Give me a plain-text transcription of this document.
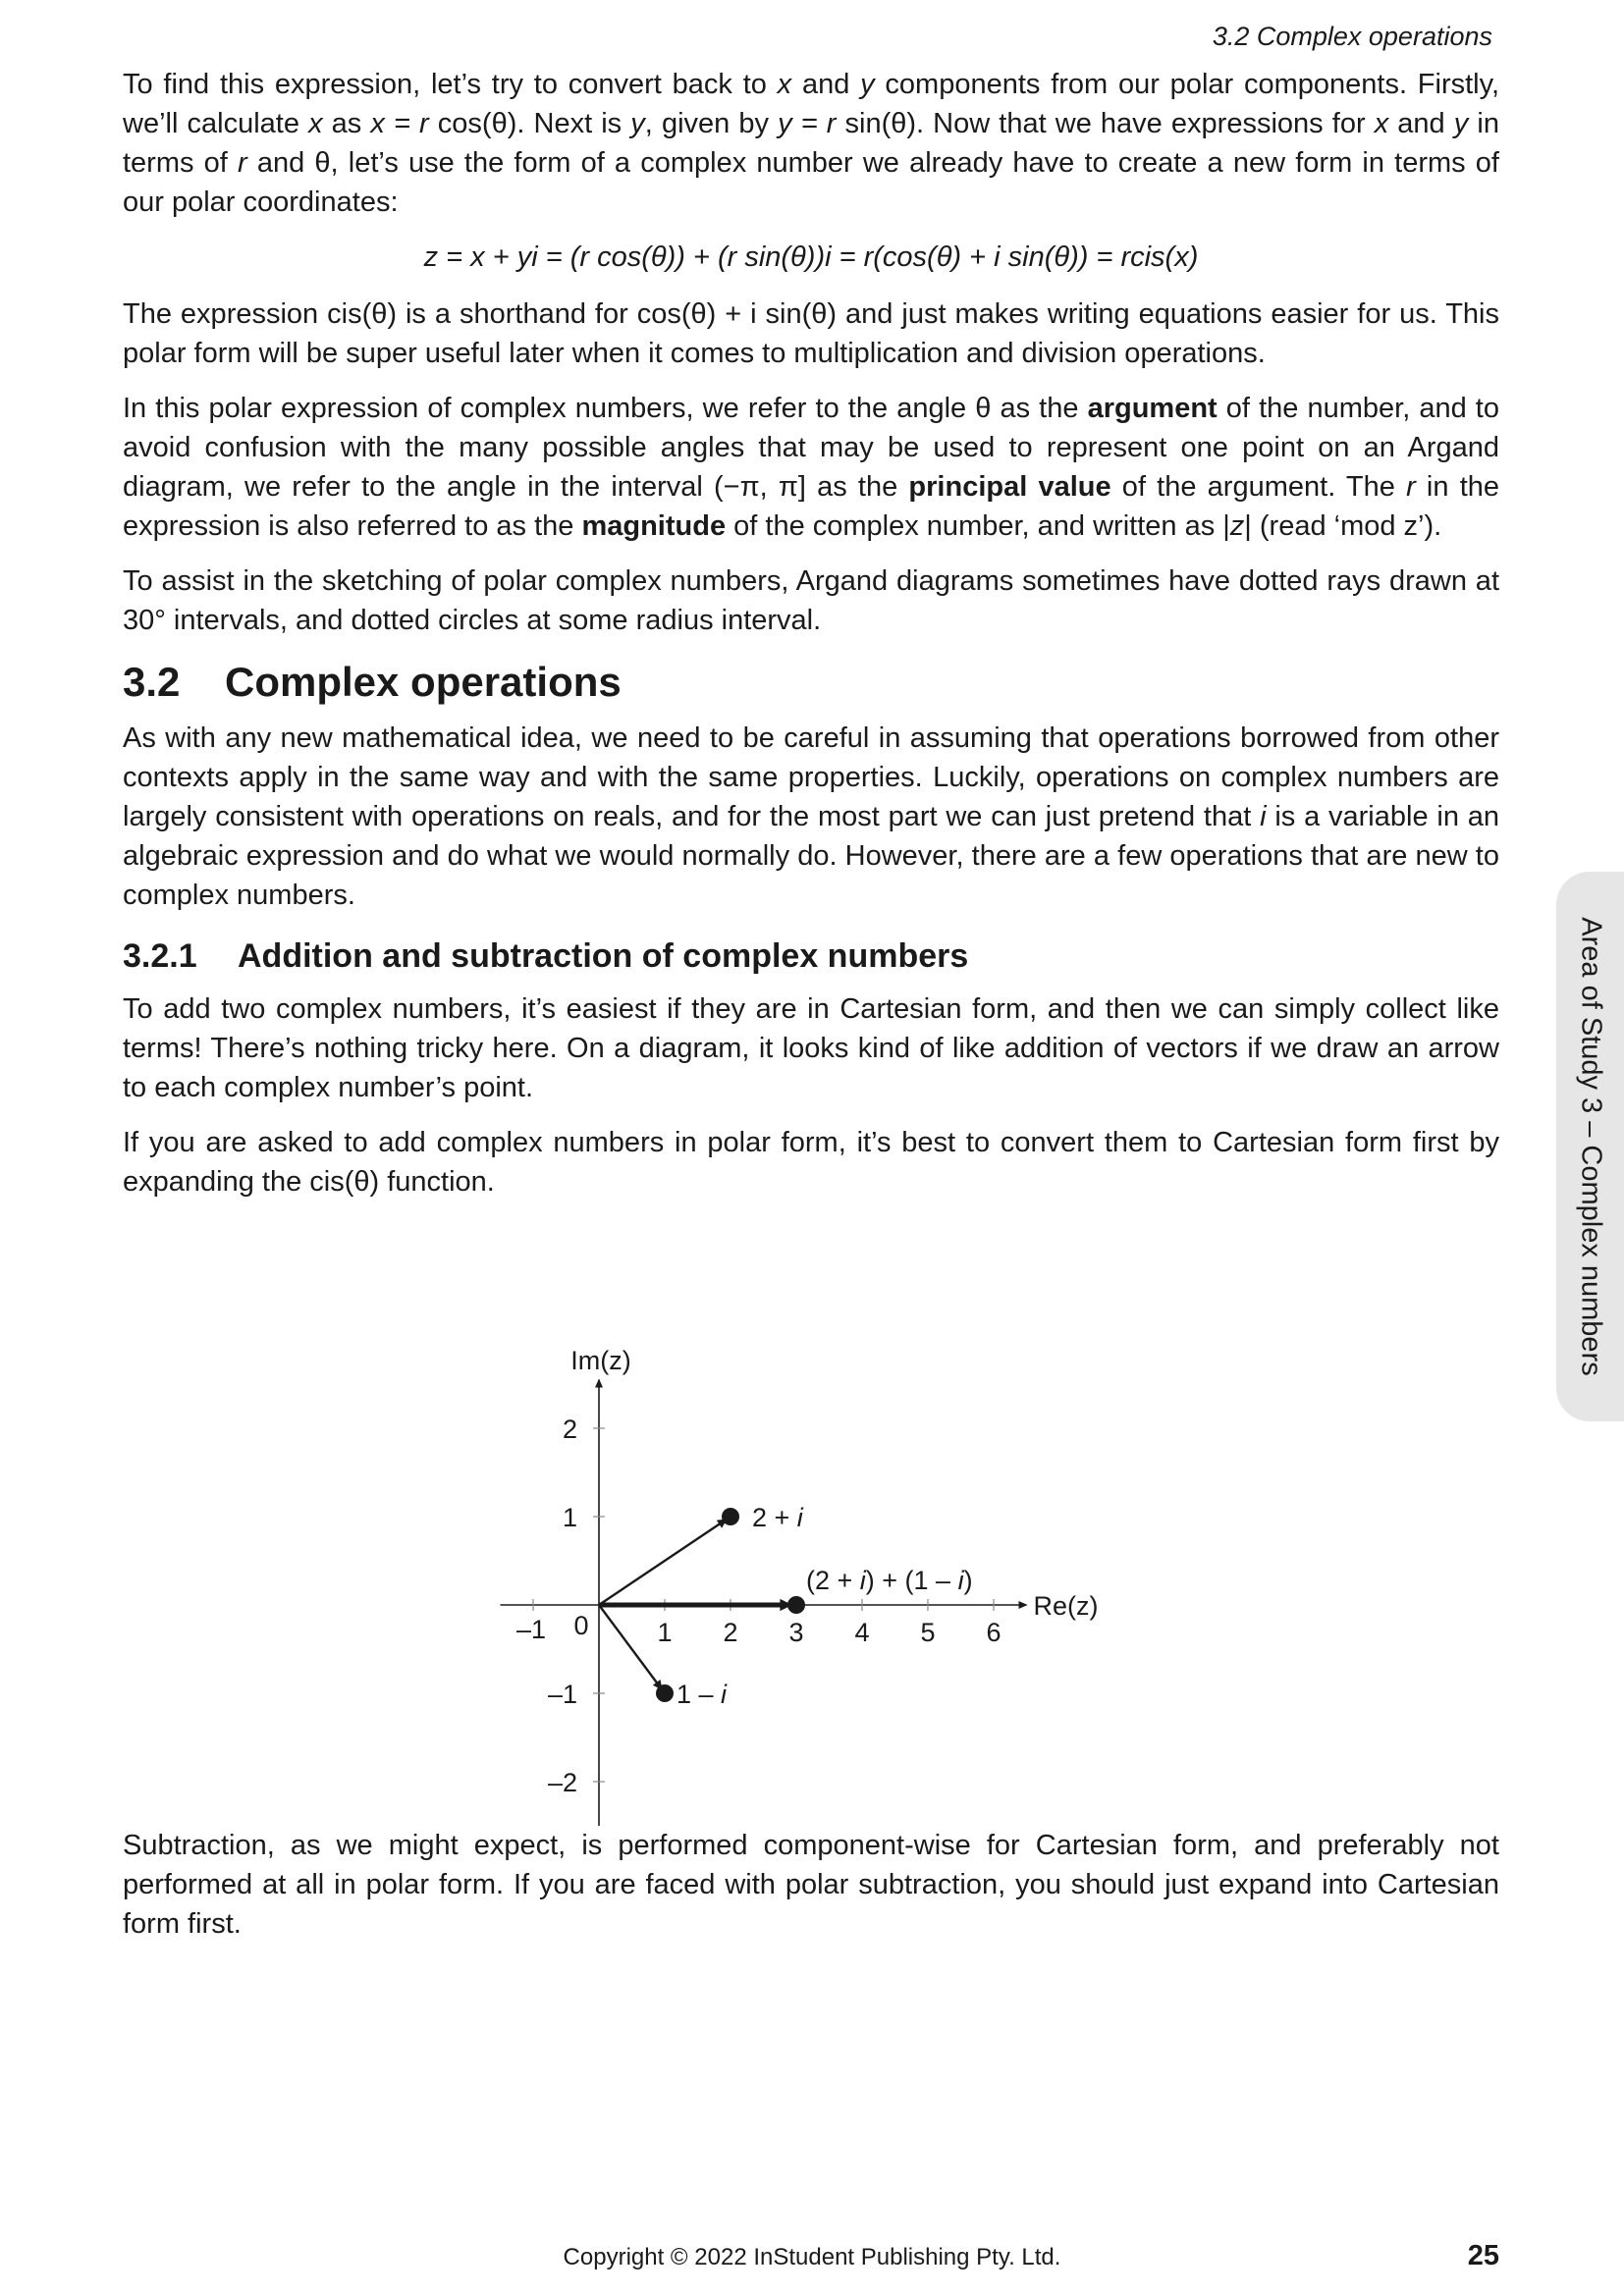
3.2 Complex operations
Area of Study 3 – Complex numbers

To find this expression, let’s try to convert back to x and y components from our polar components. Firstly, we’ll calculate x as x = r cos(θ). Next is y, given by y = r sin(θ). Now that we have expressions for x and y in terms of r and θ, let’s use the form of a complex number we already have to create a new form in terms of our polar coordinates:

z = x + yi = (r cos(θ)) + (r sin(θ))i = r(cos(θ) + i sin(θ)) = rcis(x)

The expression cis(θ) is a shorthand for cos(θ) + i sin(θ) and just makes writing equations easier for us. This polar form will be super useful later when it comes to multiplication and division operations.

In this polar expression of complex numbers, we refer to the angle θ as the argument of the number, and to avoid confusion with the many possible angles that may be used to represent one point on an Argand diagram, we refer to the angle in the interval (−π, π] as the principal value of the argument. The r in the expression is also referred to as the magnitude of the complex number, and written as |z| (read ‘mod z’).

To assist in the sketching of polar complex numbers, Argand diagrams sometimes have dotted rays drawn at 30° intervals, and dotted circles at some radius interval.

3.2 Complex operations

As with any new mathematical idea, we need to be careful in assuming that operations borrowed from other contexts apply in the same way and with the same properties. Luckily, operations on complex numbers are largely consistent with operations on reals, and for the most part we can just pretend that i is a variable in an algebraic expression and do what we would normally do. However, there are a few operations that are new to complex numbers.

3.2.1 Addition and subtraction of complex numbers

To add two complex numbers, it’s easiest if they are in Cartesian form, and then we can simply collect like terms! There’s nothing tricky here. On a diagram, it looks kind of like addition of vectors if we draw an arrow to each complex number’s point.

If you are asked to add complex numbers in polar form, it’s best to convert them to Cartesian form first by expanding the cis(θ) function.

Subtraction, as we might expect, is performed component-wise for Cartesian form, and preferably not performed at all in polar form. If you are faced with polar subtraction, you should just expand into Cartesian form first.

–1 0	1 2 3 4 5 6
2
1
–1
–2
Im(z)
Re(z)
2 + i
1 – i
(2 + i) + (1 – i)
Copyright © 2022 InStudent Publishing Pty. Ltd.	25
